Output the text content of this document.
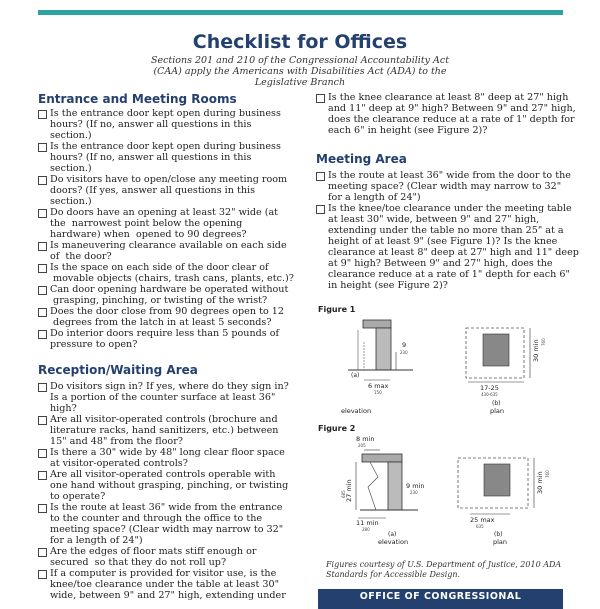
Checklist for Offices
Sections 201 and 210 of the Congressional Accountability Act (CAA) apply the Americans with Disabilities Act (ADA) to the Legislative Branch
Entrance and Meeting Rooms
Is the entrance door kept open during business
hours? (If no, answer all questions in this
section.)
Is the entrance door kept open during business
hours? (If no, answer all questions in this
section.)
Do visitors have to open/close any meeting room
doors? (If yes, answer all questions in this
section.)
Do doors have an opening at least 32" wide (at
the  narrowest point below the opening
hardware) when  opened to 90 degrees?
Is maneuvering clearance available on each side
of  the door?
Is the space on each side of the door clear of
movable objects (chairs, trash cans, plants, etc.)?
Can door opening hardware be operated without
grasping, pinching, or twisting of the wrist?
Does the door close from 90 degrees open to 12
degrees from the latch in at least 5 seconds?
Do interior doors require less than 5 pounds of
pressure to open?
Reception/Waiting Area
Do visitors sign in? If yes, where do they sign in?
Is a portion of the counter surface at least 36"
high?
Are all visitor-operated controls (brochure and
literature racks, hand sanitizers, etc.) between
15" and 48" from the floor?
Is there a 30" wide by 48" long clear floor space
at visitor-operated controls?
Are all visitor-operated controls operable with
one hand without grasping, pinching, or twisting
to operate?
Is the route at least 36" wide from the entrance
to the counter and through the office to the
meeting space? (Clear width may narrow to 32"
for a length of 24")
Are the edges of floor mats stiff enough or
secured  so that they do not roll up?
If a computer is provided for visitor use, is the
knee/toe clearance under the table at least 30"
wide, between 9" and 27" high, extending under
Is the knee clearance at least 8" deep at 27" high
and 11" deep at 9" high? Between 9" and 27" high,
does the clearance reduce at a rate of 1" depth for
each 6" in height (see Figure 2)?
Meeting Area
Is the route at least 36" wide from the door to the
meeting space? (Clear width may narrow to 32"
for a length of 24")
Is the knee/toe clearance under the meeting table
at least 30" wide, between 9" and 27" high,
extending under the table no more than 25" at a
height of at least 9" (see Figure 1)? Is the knee
clearance at least 8" deep at 27" high and 11" deep
at 9" high? Between 9" and 27" high, does the
clearance reduce at a rate of 1" depth for each 6"
in height (see Figure 2)?
Figure 1
9
230
6 max
150
(a)
elevation
30 min 760
17-25
430-635
(b)
plan
Figure 2
8 min
205
27 min
685
9 min
230
11 min
280
(a)
elevation
30 min 760
25 max
635
(b)
plan
Figures courtesy of U.S. Department of Justice, 2010 ADA Standards for Accessible Design.
OFFICE OF CONGRESSIONAL
